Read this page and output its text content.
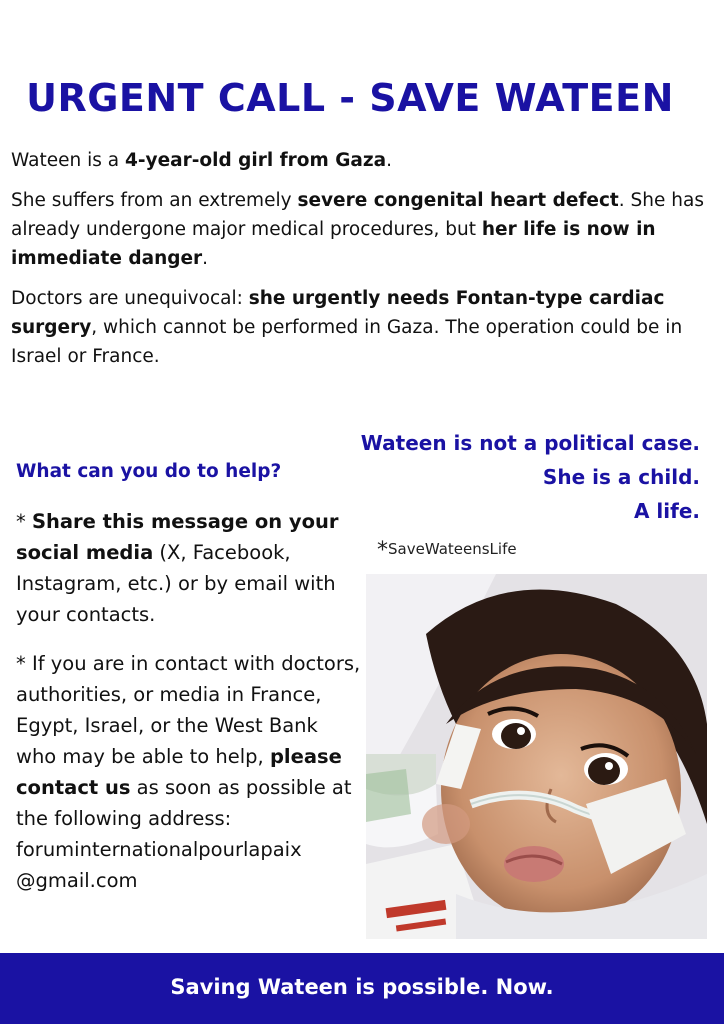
URGENT CALL - SAVE WATEEN

Wateen is a 4-year-old girl from Gaza.

She suffers from an extremely severe congenital heart defect. She has already undergone major medical procedures, but her life is now in immediate danger.

Doctors are unequivocal: she urgently needs Fontan-type cardiac surgery, which cannot be performed in Gaza. The operation could be in Israel or France.

Wateen is not a political case.
She is a child.
A life.
What can you do to help?

* Share this message on your social media (X, Facebook, Instagram, etc.) or by email with your contacts.

* If you are in contact with doctors, authorities, or media in France, Egypt, Israel, or the West Bank who may be able to help, please contact us as soon as possible at the following address: foruminternationalpourlapaix
@gmail.com

*SaveWateensLife
Saving Wateen is possible. Now.
